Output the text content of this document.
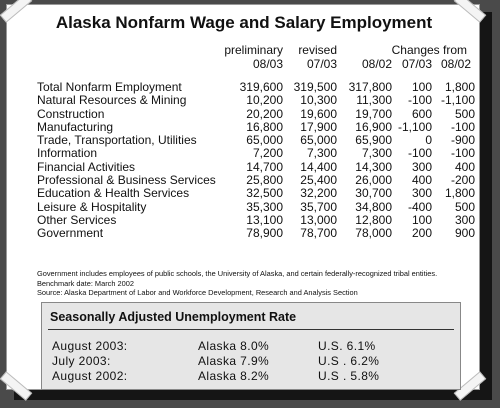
Alaska Nonfarm Wage and Salary Employment
preliminary	revised	Changes from
08/03	07/03	08/02 07/03 08/02
Total Nonfarm Employment	319,600 319,500 317,800	100	1,800
Natural Resources & Mining	10,200	10,300	11,300	-100 -1,100
Construction	20,200	19,600	19,700	600	500
Manufacturing	16,800	17,900	16,900 -1,100	-100
Trade, Transportation, Utilities	65,000	65,000	65,900	0	-900
Information	7,200	7,300	7,300	-100	-100
Financial Activities	14,700	14,400	14,300	300	400
Professional & Business Services	25,800	25,400	26,000	400	-200
Education & Health Services	32,500	32,200	30,700	300	1,800
Leisure & Hospitality	35,300	35,700	34,800	-400	500
Other Services	13,100	13,000	12,800	100	300
Government	78,900	78,700	78,000	200	900
Government includes employees of public schools, the University of Alaska, and certain federally-recognized tribal entities.
Benchmark date: March 2002
Source: Alaska Department of Labor and Workforce Development, Research and Analysis Section
Seasonally Adjusted Unemployment Rate
August 2003:	Alaska 8.0%	U.S. 6.1%
July 2003:	Alaska 7.9%	U.S . 6.2%
August 2002:	Alaska 8.2%	U.S . 5.8%
